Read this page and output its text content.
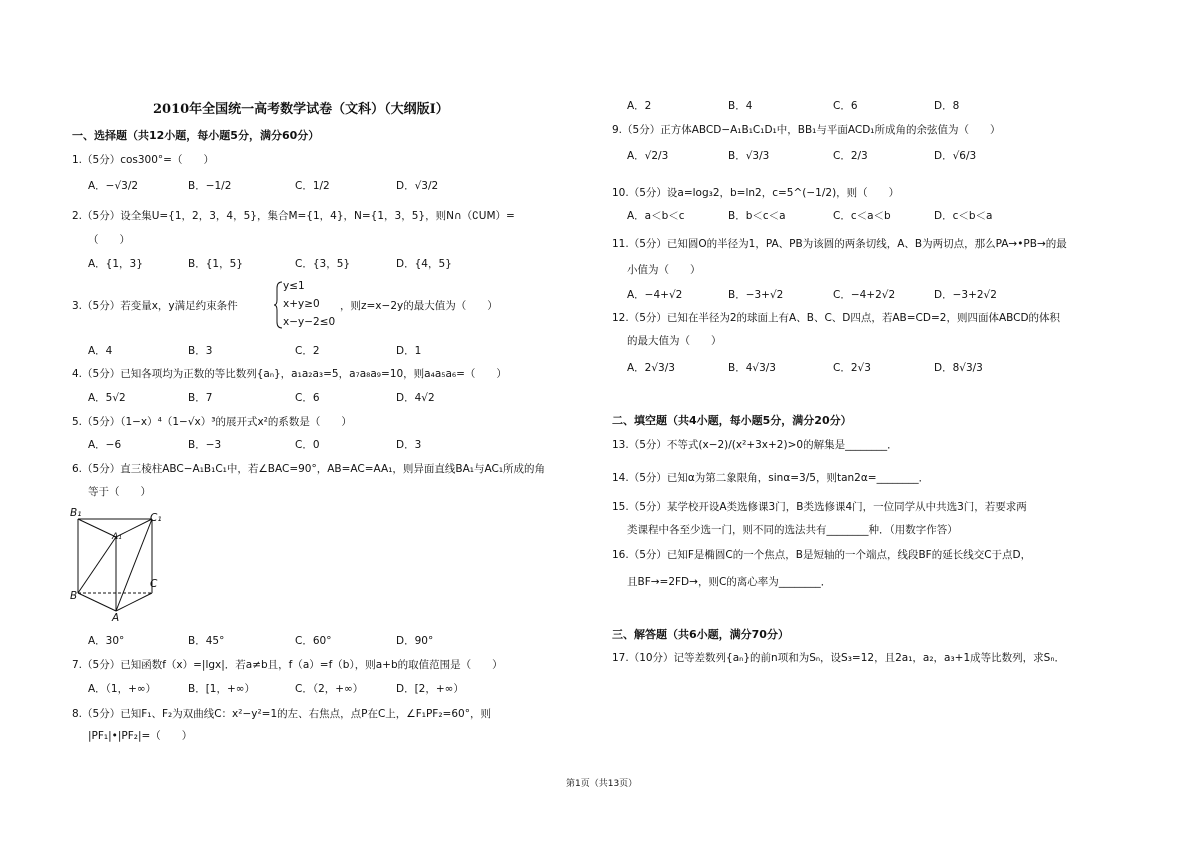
2010年全国统一高考数学试卷（文科）（大纲版Ⅰ）
一、选择题（共12小题，每小题5分，满分60分）
1.（5分）cos300°=（　　）
A．−√3/2	B．−1/2	C．1/2	D．√3/2
2.（5分）设全集U={1，2，3，4，5}，集合M={1，4}，N={1，3，5}，则N∩（∁UM）=
（　　）
A．{1，3}	B．{1，5}	C．{3，5}	D．{4，5}
3.（5分）若变量x，y满足约束条件
y≤1
x+y≥0
x−y−2≤0
，则z=x−2y的最大值为（　　）
A．4	B．3	C．2	D．1
4.（5分）已知各项均为正数的等比数列{aₙ}，a₁a₂a₃=5，a₇a₈a₉=10，则a₄a₅a₆=（　　）
A．5√2	B．7	C．6	D．4√2
5.（5分）（1−x）⁴（1−√x）³的展开式x²的系数是（　　）
A．−6	B．−3	C．0	D．3
6.（5分）直三棱柱ABC−A₁B₁C₁中，若∠BAC=90°，AB=AC=AA₁，则异面直线BA₁与AC₁所成的角
等于（　　）
B₁	C₁
A₁
B
C
A
A．30°	B．45°	C．60°	D．90°
7.（5分）已知函数f（x）=|lgx|．若a≠b且，f（a）=f（b），则a+b的取值范围是（　　）
A．（1，+∞）	B．[1，+∞）	C．（2，+∞）	D．[2，+∞）
8.（5分）已知F₁、F₂为双曲线C：x²−y²=1的左、右焦点，点P在C上，∠F₁PF₂=60°，则
|PF₁|•|PF₂|=（　　）
A．2	B．4	C．6	D．8
9.（5分）正方体ABCD−A₁B₁C₁D₁中，BB₁与平面ACD₁所成角的余弦值为（　　）
A．√2/3	B．√3/3	C．2/3	D．√6/3
10.（5分）设a=log₃2，b=ln2，c=5^(−1/2)，则（　　）
A．a＜b＜c	B．b＜c＜a	C．c＜a＜b	D．c＜b＜a
11.（5分）已知圆O的半径为1，PA、PB为该圆的两条切线，A、B为两切点，那么PA→•PB→的最
小值为（　　）
A．−4+√2	B．−3+√2	C．−4+2√2	D．−3+2√2
12.（5分）已知在半径为2的球面上有A、B、C、D四点，若AB=CD=2，则四面体ABCD的体积
的最大值为（　　）
A．2√3/3	B．4√3/3	C．2√3	D．8√3/3
二、填空题（共4小题，每小题5分，满分20分）
13.（5分）不等式(x−2)/(x²+3x+2)>0的解集是________．
14.（5分）已知α为第二象限角，sinα=3/5，则tan2α=________．
15.（5分）某学校开设A类选修课3门，B类选修课4门，一位同学从中共选3门，若要求两
类课程中各至少选一门，则不同的选法共有________种．（用数字作答）
16.（5分）已知F是椭圆C的一个焦点，B是短轴的一个端点，线段BF的延长线交C于点D，
且BF→=2FD→，则C的离心率为________．
三、解答题（共6小题，满分70分）
17.（10分）记等差数列{aₙ}的前n项和为Sₙ，设S₃=12，且2a₁，a₂，a₃+1成等比数列，求Sₙ．
第1页（共13页）
